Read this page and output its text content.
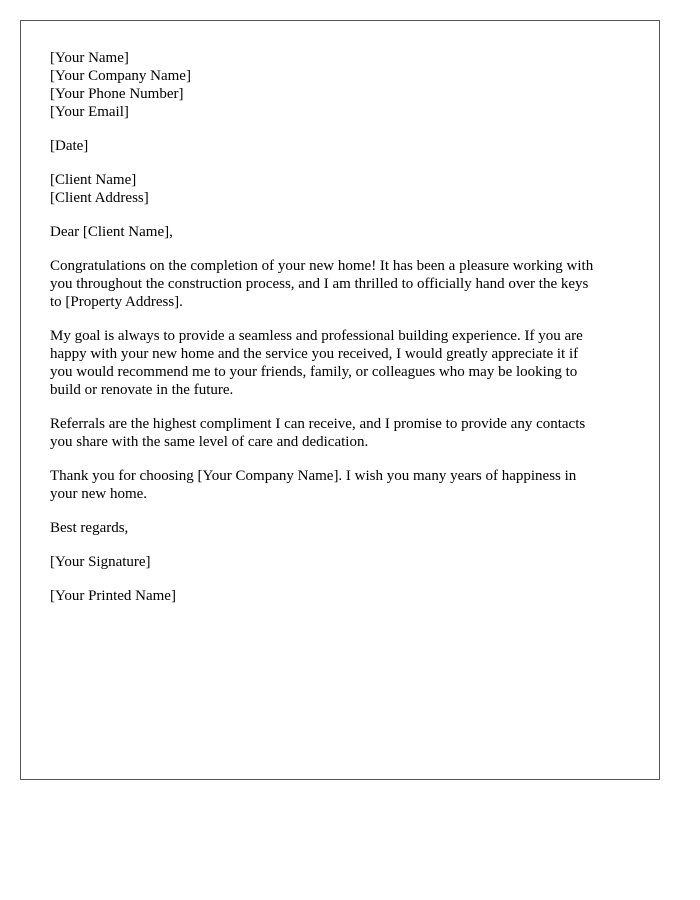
[Your Name]
[Your Company Name]
[Your Phone Number]
[Your Email]
[Date]
[Client Name]
[Client Address]

Dear [Client Name],

Congratulations on the completion of your new home! It has been a pleasure working with
you throughout the construction process, and I am thrilled to officially hand over the keys
to [Property Address].

My goal is always to provide a seamless and professional building experience. If you are
happy with your new home and the service you received, I would greatly appreciate it if
you would recommend me to your friends, family, or colleagues who may be looking to
build or renovate in the future.

Referrals are the highest compliment I can receive, and I promise to provide any contacts
you share with the same level of care and dedication.

Thank you for choosing [Your Company Name]. I wish you many years of happiness in
your new home.

Best regards,

[Your Signature]

[Your Printed Name]
